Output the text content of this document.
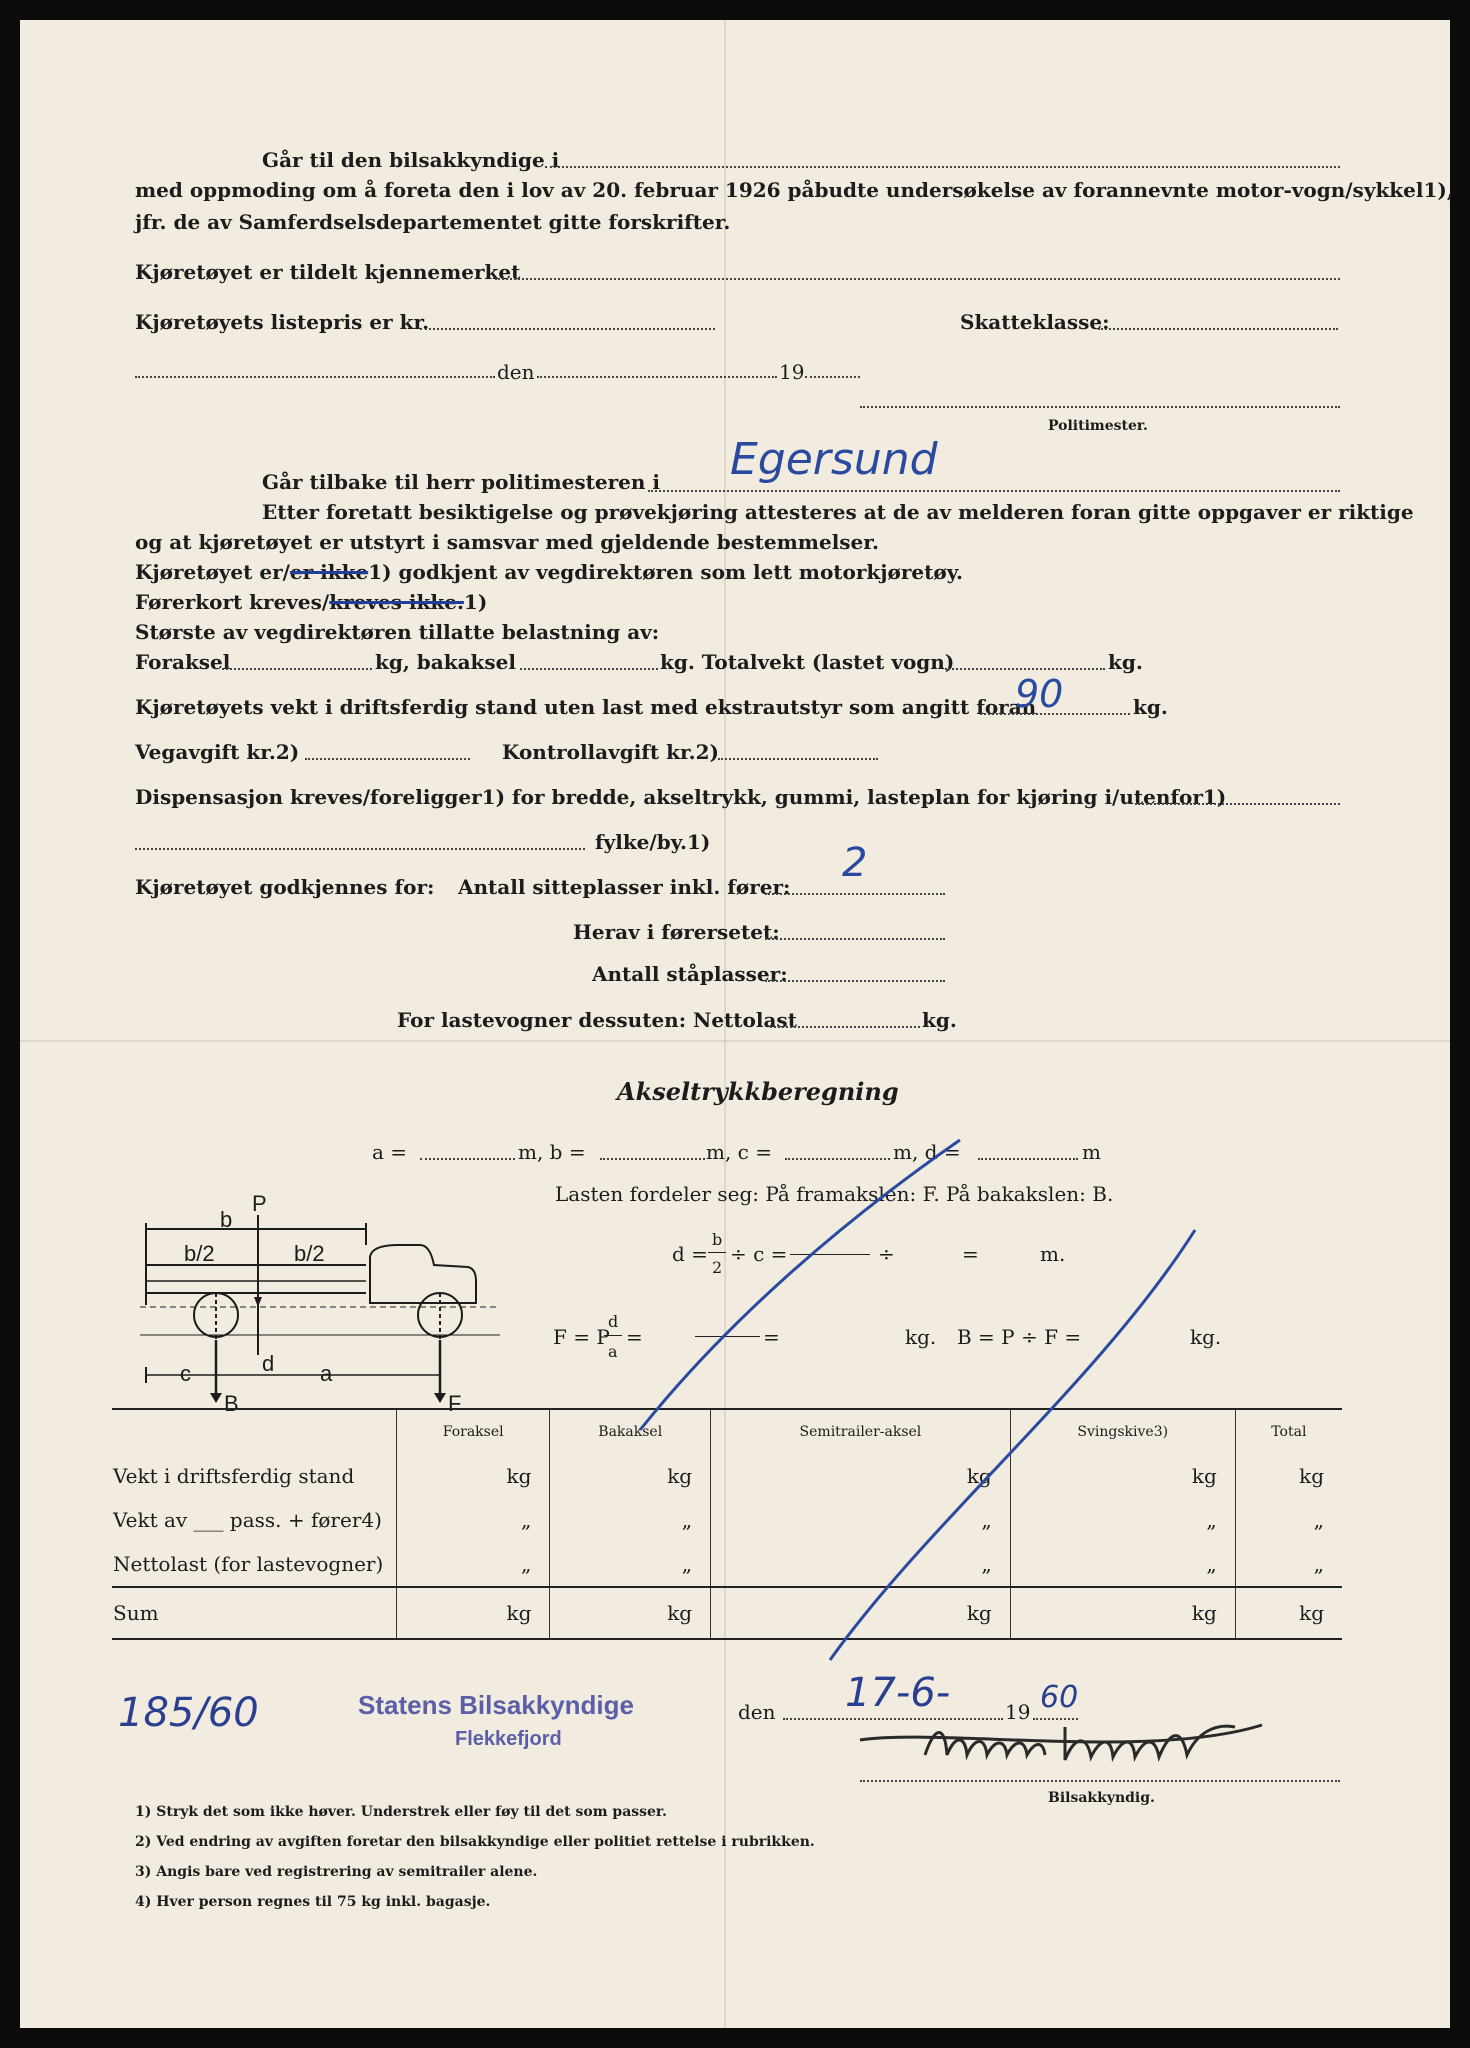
Går til den bilsakkyndige i
med oppmoding om å foreta den i lov av 20. februar 1926 påbudte undersøkelse av forannevnte motor-vogn/sykkel1),
jfr. de av Samferdselsdepartementet gitte forskrifter.
Kjøretøyet er tildelt kjennemerket
Kjøretøyets listepris er kr.	Skatteklasse:
den	19
Politimester.
Går tilbake til herr politimesteren i Egersund
Etter foretatt besiktigelse og prøvekjøring attesteres at de av melderen foran gitte oppgaver er riktige
og at kjøretøyet er utstyrt i samsvar med gjeldende bestemmelser.
Kjøretøyet er/er ikke1) godkjent av vegdirektøren som lett motorkjøretøy.
Førerkort kreves/kreves ikke.1)
Største av vegdirektøren tillatte belastning av:
Foraksel	kg, bakaksel	kg. Totalvekt (lastet vogn)	kg.
Kjøretøyets vekt i driftsferdig stand uten last med ekstrautstyr som angitt foran
90	kg.
Vegavgift kr.2)	Kontrollavgift kr.2)
Dispensasjon kreves/foreligger1) for bredde, akseltrykk, gummi, lasteplan for kjøring i/utenfor1)
fylke/by.1)
Kjøretøyet godkjennes for: Antall sitteplasser inkl. fører:
2
Herav i førersetet:
Antall ståplasser:
For lastevogner dessuten: Nettolast	kg.
Akseltrykkberegning
a =	m, b =	m, c =	m, d =	m
Lasten fordeler seg: På framakslen: F. På bakakslen: B.
d =
b
2
÷ c =	÷	=	m.
F = P
d
a
=	=	kg. B = P ÷ F =	kg.
P
b
b/2	b/2
c	d a
B	F
	Foraksel	Bakaksel	Semitrailer-aksel	Svingskive3)	Total
Vekt i driftsferdig stand	kg	kg	kg	kg	kg
Vekt av ___ pass. + fører4)	„	„	„	„	„
Nettolast (for lastevogner)	„	„	„	„	„
Sum	kg	kg	kg	kg	kg
185/60	Statens Bilsakkyndige
Flekkefjord
den 17-6-	19 60
Bilsakkyndig.
1) Stryk det som ikke høver. Understrek eller føy til det som passer.
2) Ved endring av avgiften foretar den bilsakkyndige eller politiet rettelse i rubrikken.
3) Angis bare ved registrering av semitrailer alene.
4) Hver person regnes til 75 kg inkl. bagasje.
